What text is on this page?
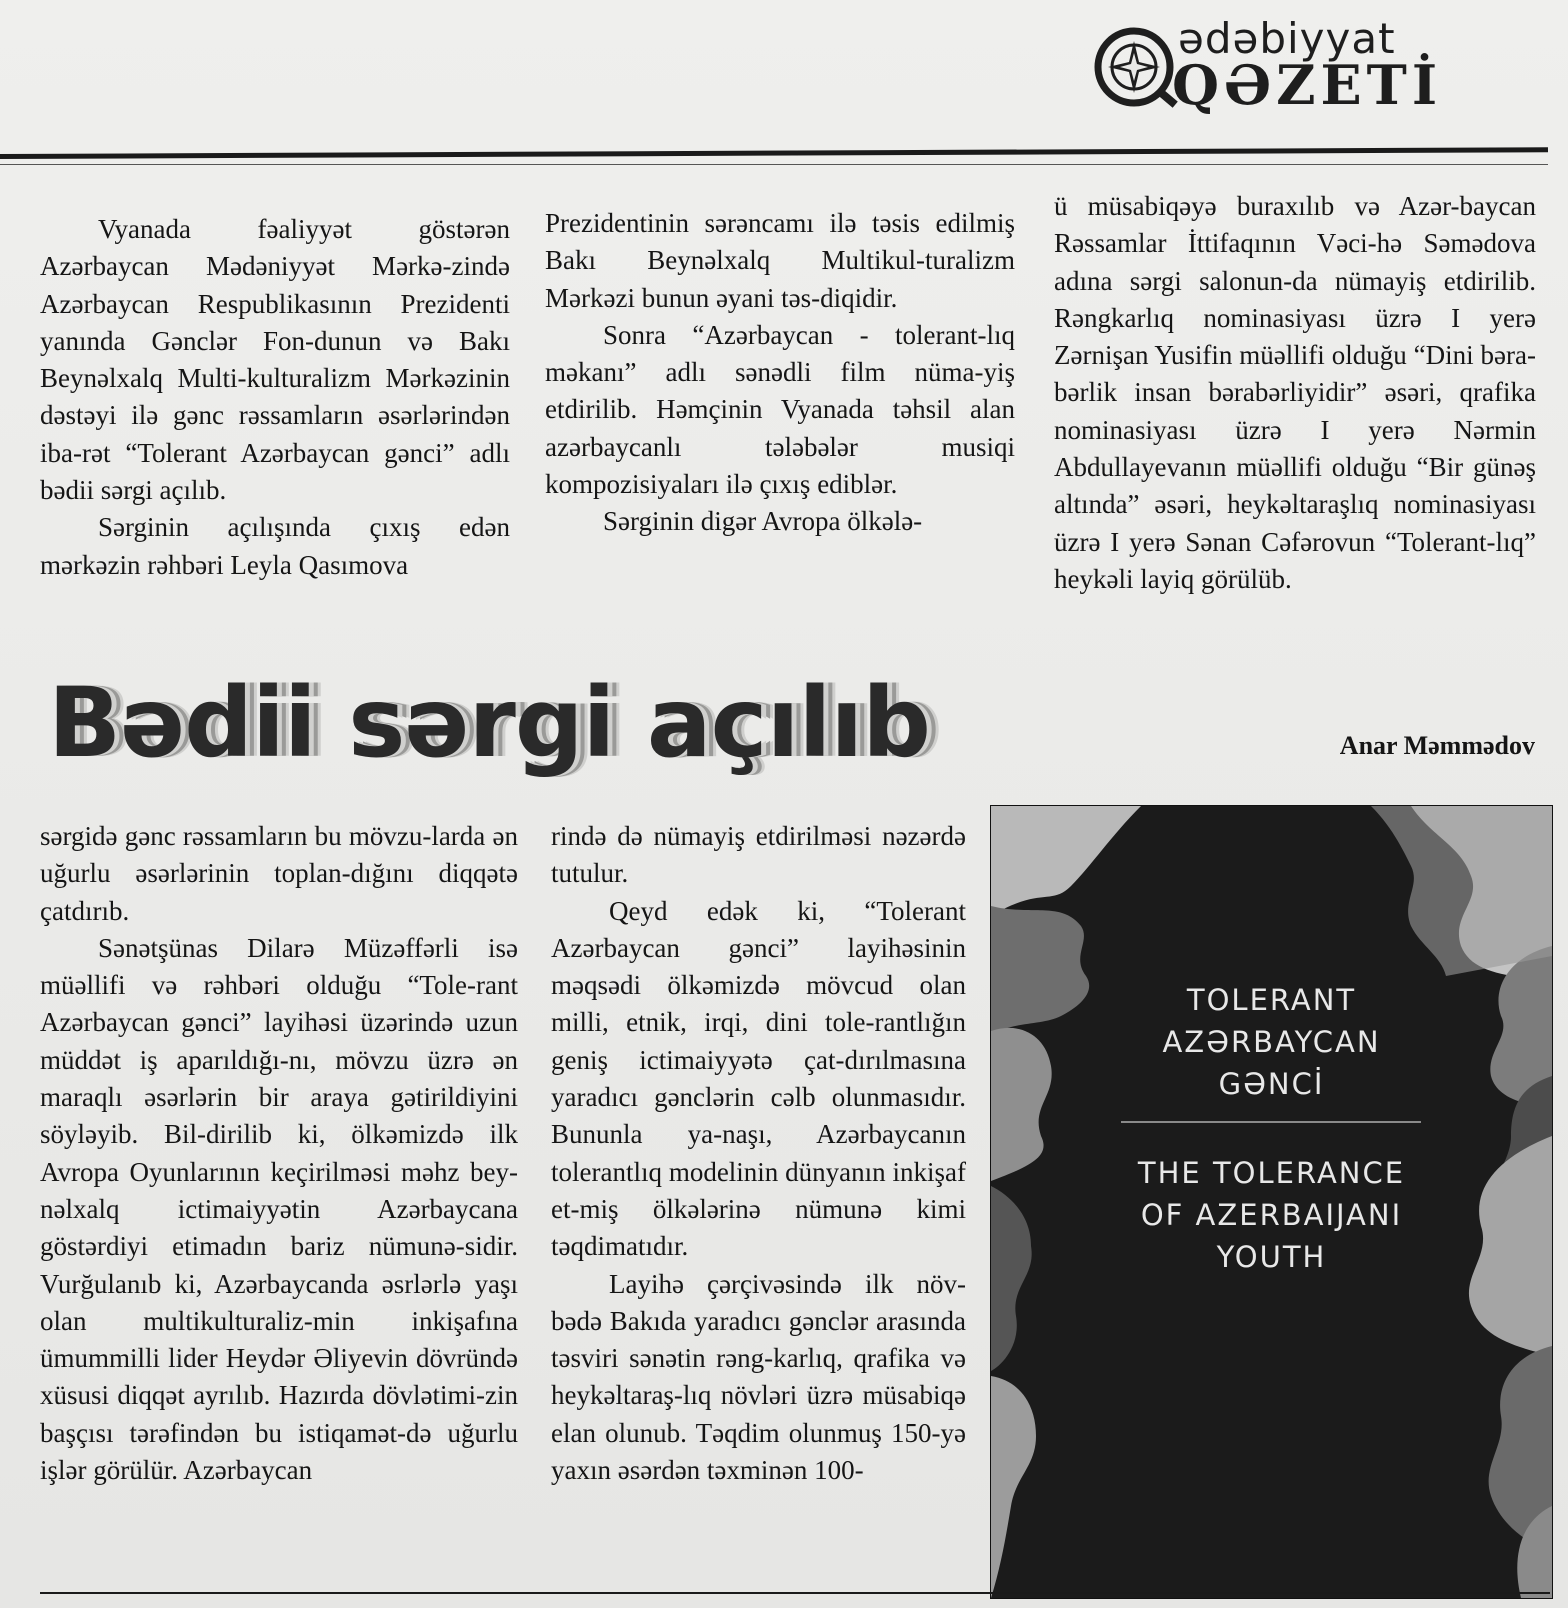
ədəbiyyat
QƏZETİ

Vyanada fəaliyyət göstərən Azərbaycan Mədəniyyət Mərkə-zində Azərbaycan Respublikasının Prezidenti yanında Gənclər Fon-dunun və Bakı Beynəlxalq Multi-kulturalizm Mərkəzinin dəstəyi ilə gənc rəssamların əsərlərindən iba-rət “Tolerant Azərbaycan gənci” adlı bədii sərgi açılıb.

Sərginin açılışında çıxış edən mərkəzin rəhbəri Leyla Qasımova

Prezidentinin sərəncamı ilə təsis edilmiş Bakı Beynəlxalq Multikul-turalizm Mərkəzi bunun əyani təs-diqidir.

Sonra “Azərbaycan - tolerant-lıq məkanı” adlı sənədli film nüma-yiş etdirilib. Həmçinin Vyanada təhsil alan azərbaycanlı tələbələr musiqi kompozisiyaları ilə çıxış ediblər.

Sərginin digər Avropa ölkələ-

ü müsabiqəyə buraxılıb və Azər-baycan Rəssamlar İttifaqının Vəci-hə Səmədova adına sərgi salonun-da nümayiş etdirilib. Rəngkarlıq nominasiyası üzrə I yerə Zərnişan Yusifin müəllifi olduğu “Dini bəra-bərlik insan bərabərliyidir” əsəri, qrafika nominasiyası üzrə I yerə Nərmin Abdullayevanın müəllifi olduğu “Bir günəş altında” əsəri, heykəltaraşlıq nominasiyası üzrə I yerə Sənan Cəfərovun “Tolerant-lıq” heykəli layiq görülüb.

Bədii sərgi açılıb	Anar Məmmədov

sərgidə gənc rəssamların bu mövzu-larda ən uğurlu əsərlərinin toplan-dığını diqqətə çatdırıb.

Sənətşünas Dilarə Müzəffərli isə müəllifi və rəhbəri olduğu “Tole-rant Azərbaycan gənci” layihəsi üzərində uzun müddət iş aparıldığı-nı, mövzu üzrə ən maraqlı əsərlərin bir araya gətirildiyini söyləyib. Bil-dirilib ki, ölkəmizdə ilk Avropa Oyunlarının keçirilməsi məhz bey-nəlxalq ictimaiyyətin Azərbaycana göstərdiyi etimadın bariz nümunə-sidir. Vurğulanıb ki, Azərbaycanda əsrlərlə yaşı olan multikulturaliz-min inkişafına ümummilli lider Heydər Əliyevin dövründə xüsusi diqqət ayrılıb. Hazırda dövlətimi-zin başçısı tərəfindən bu istiqamət-də uğurlu işlər görülür. Azərbaycan

rində də nümayiş etdirilməsi nəzərdə tutulur.

Qeyd edək ki, “Tolerant Azərbaycan gənci” layihəsinin məqsədi ölkəmizdə mövcud olan milli, etnik, irqi, dini tole-rantlığın geniş ictimaiyyətə çat-dırılmasına yaradıcı gənclərin cəlb olunmasıdır. Bununla ya-naşı, Azərbaycanın tolerantlıq modelinin dünyanın inkişaf et-miş ölkələrinə nümunə kimi təqdimatıdır.

Layihə çərçivəsində ilk növ-bədə Bakıda yaradıcı gənclər arasında təsviri sənətin rəng-karlıq, qrafika və heykəltaraş-lıq növləri üzrə müsabiqə elan olunub. Təqdim olunmuş 150-yə yaxın əsərdən təxminən 100-

TOLERANT
AZƏRBAYCAN
GƏNCİ
THE TOLERANCE
OF AZERBAIJANI
YOUTH
